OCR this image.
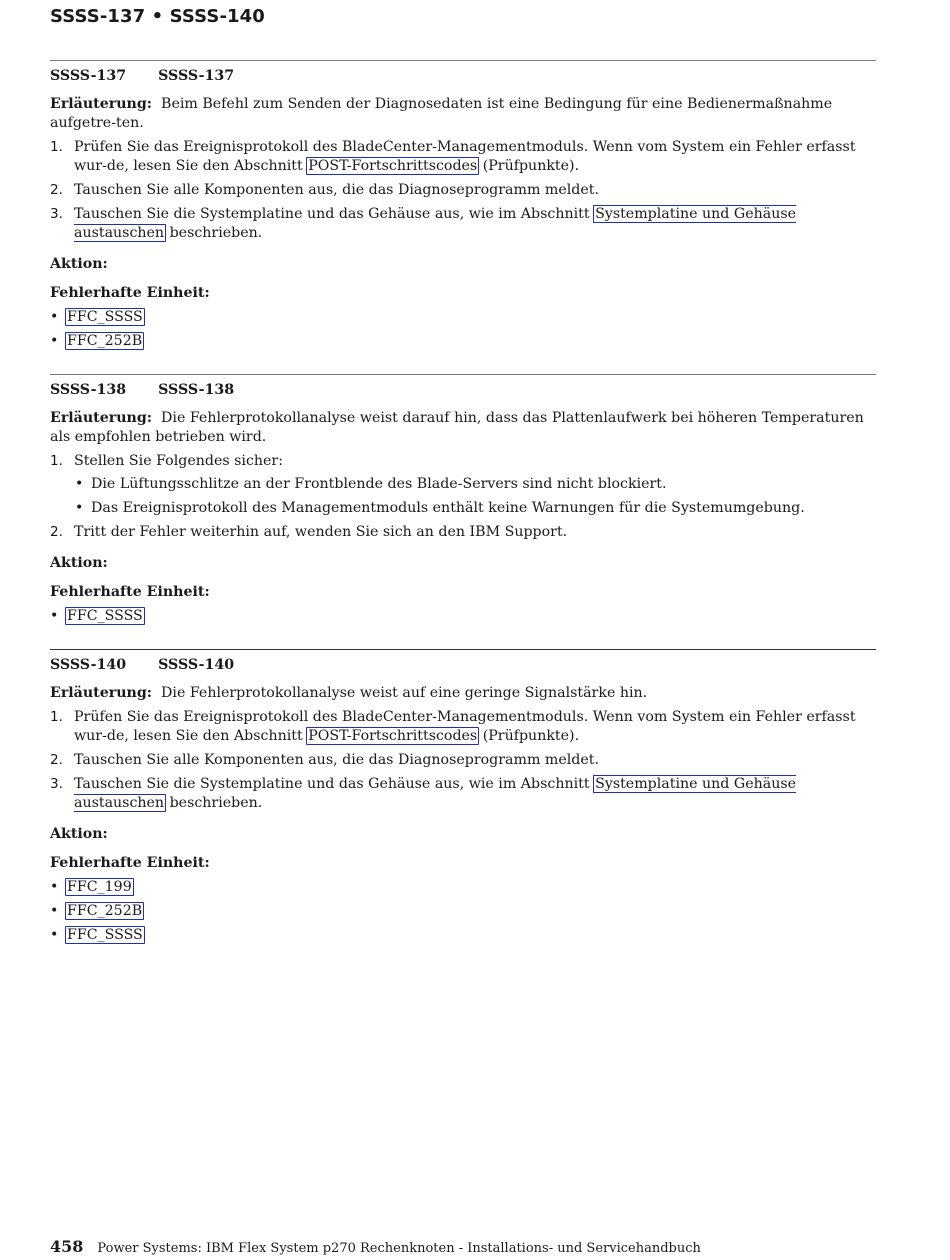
SSSS-137 • SSSS-140
SSSS-137 SSSS-137

Erläuterung: Beim Befehl zum Senden der Diagnosedaten ist eine Bedingung für eine Bedienermaßnahme aufgetre-ten.

1. Prüfen Sie das Ereignisprotokoll des BladeCenter-Managementmoduls. Wenn vom System ein Fehler erfasst wur-de, lesen Sie den Abschnitt POST-Fortschrittscodes (Prüfpunkte).
2. Tauschen Sie alle Komponenten aus, die das Diagnoseprogramm meldet.
3. Tauschen Sie die Systemplatine und das Gehäuse aus, wie im Abschnitt Systemplatine und Gehäuse austauschen beschrieben.

Aktion:

Fehlerhafte Einheit:

• FFC_SSSS
• FFC_252B
SSSS-138 SSSS-138

Erläuterung: Die Fehlerprotokollanalyse weist darauf hin, dass das Plattenlaufwerk bei höheren Temperaturen als empfohlen betrieben wird.

1. Stellen Sie Folgendes sicher:
• Die Lüftungsschlitze an der Frontblende des Blade-Servers sind nicht blockiert.
• Das Ereignisprotokoll des Managementmoduls enthält keine Warnungen für die Systemumgebung.
2. Tritt der Fehler weiterhin auf, wenden Sie sich an den IBM Support.

Aktion:

Fehlerhafte Einheit:

• FFC_SSSS
SSSS-140 SSSS-140

Erläuterung: Die Fehlerprotokollanalyse weist auf eine geringe Signalstärke hin.

1. Prüfen Sie das Ereignisprotokoll des BladeCenter-Managementmoduls. Wenn vom System ein Fehler erfasst wur-de, lesen Sie den Abschnitt POST-Fortschrittscodes (Prüfpunkte).
2. Tauschen Sie alle Komponenten aus, die das Diagnoseprogramm meldet.
3. Tauschen Sie die Systemplatine und das Gehäuse aus, wie im Abschnitt Systemplatine und Gehäuse austauschen beschrieben.

Aktion:

Fehlerhafte Einheit:

• FFC_199
• FFC_252B
• FFC_SSSS
458 Power Systems: IBM Flex System p270 Rechenknoten - Installations- und Servicehandbuch
